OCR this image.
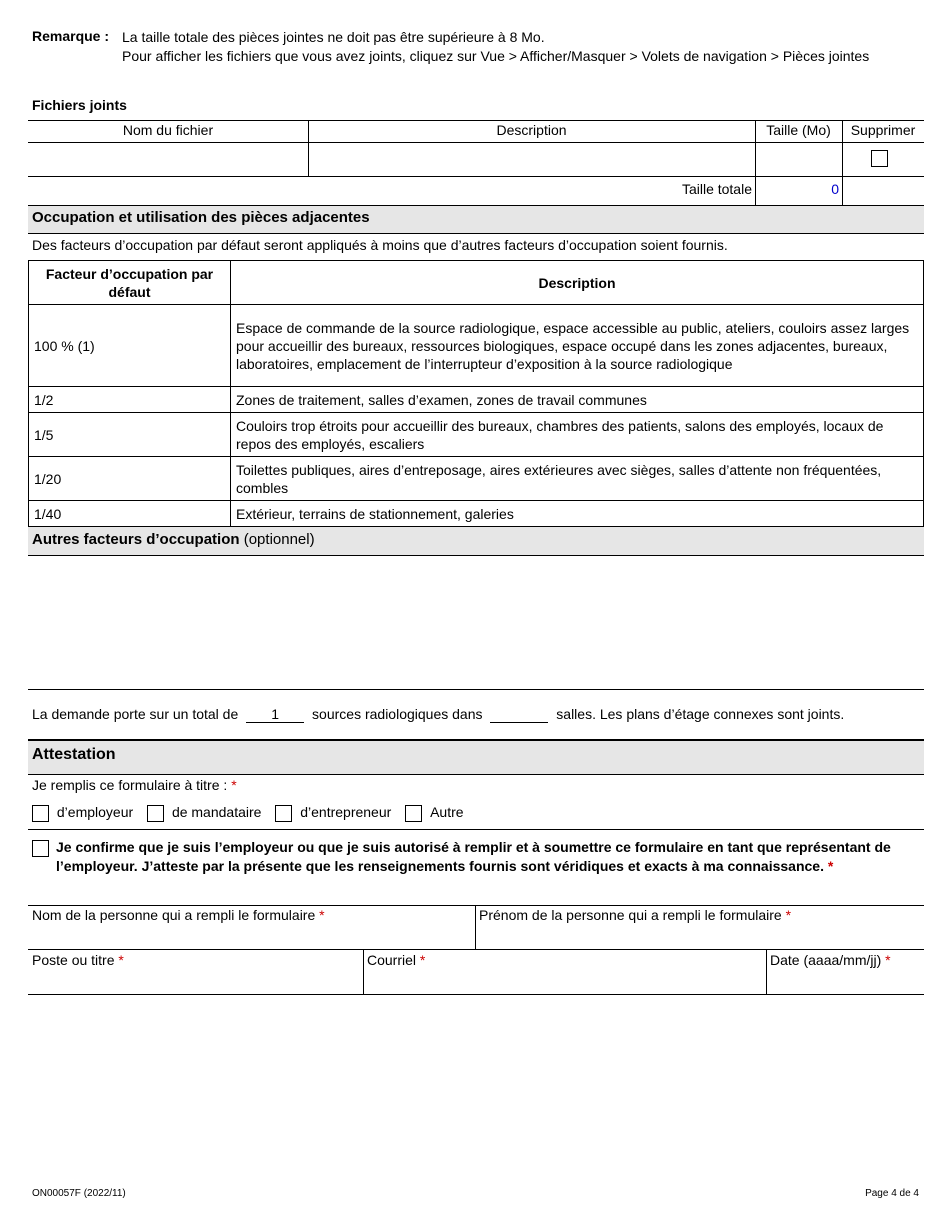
Remarque : La taille totale des pièces jointes ne doit pas être supérieure à 8 Mo.
Pour afficher les fichiers que vous avez joints, cliquez sur Vue > Afficher/Masquer > Volets de navigation > Pièces jointes
Fichiers joints
Nom du fichier	Description	Taille (Mo)	Supprimer
Taille totale	0
Occupation et utilisation des pièces adjacentes
Des facteurs d’occupation par défaut seront appliqués à moins que d’autres facteurs d’occupation soient fournis.
Facteur d’occupation par défaut	Description
100 % (1)	Espace de commande de la source radiologique, espace accessible au public, ateliers, couloirs assez larges pour accueillir des bureaux, ressources biologiques, espace occupé dans les zones adjacentes, bureaux, laboratoires, emplacement de l’interrupteur d’exposition à la source radiologique
1/2	Zones de traitement, salles d’examen, zones de travail communes
1/5	Couloirs trop étroits pour accueillir des bureaux, chambres des patients, salons des employés, locaux de repos des employés, escaliers
1/20	Toilettes publiques, aires d’entreposage, aires extérieures avec sièges, salles d’attente non fréquentées, combles
1/40	Extérieur, terrains de stationnement, galeries
Autres facteurs d’occupation (optionnel)
La demande porte sur un total de 1 sources radiologiques dans	salles. Les plans d’étage connexes sont joints.
Attestation
Je remplis ce formulaire à titre : *
d’employeur	de mandataire	d’entrepreneur	Autre
Je confirme que je suis l’employeur ou que je suis autorisé à remplir et à soumettre ce formulaire en tant que représentant de l’employeur. J’atteste par la présente que les renseignements fournis sont véridiques et exacts à ma connaissance. *
Nom de la personne qui a rempli le formulaire *	Prénom de la personne qui a rempli le formulaire *
Poste ou titre *	Courriel *	Date (aaaa/mm/jj) *
ON00057F (2022/11)	Page 4 de 4
